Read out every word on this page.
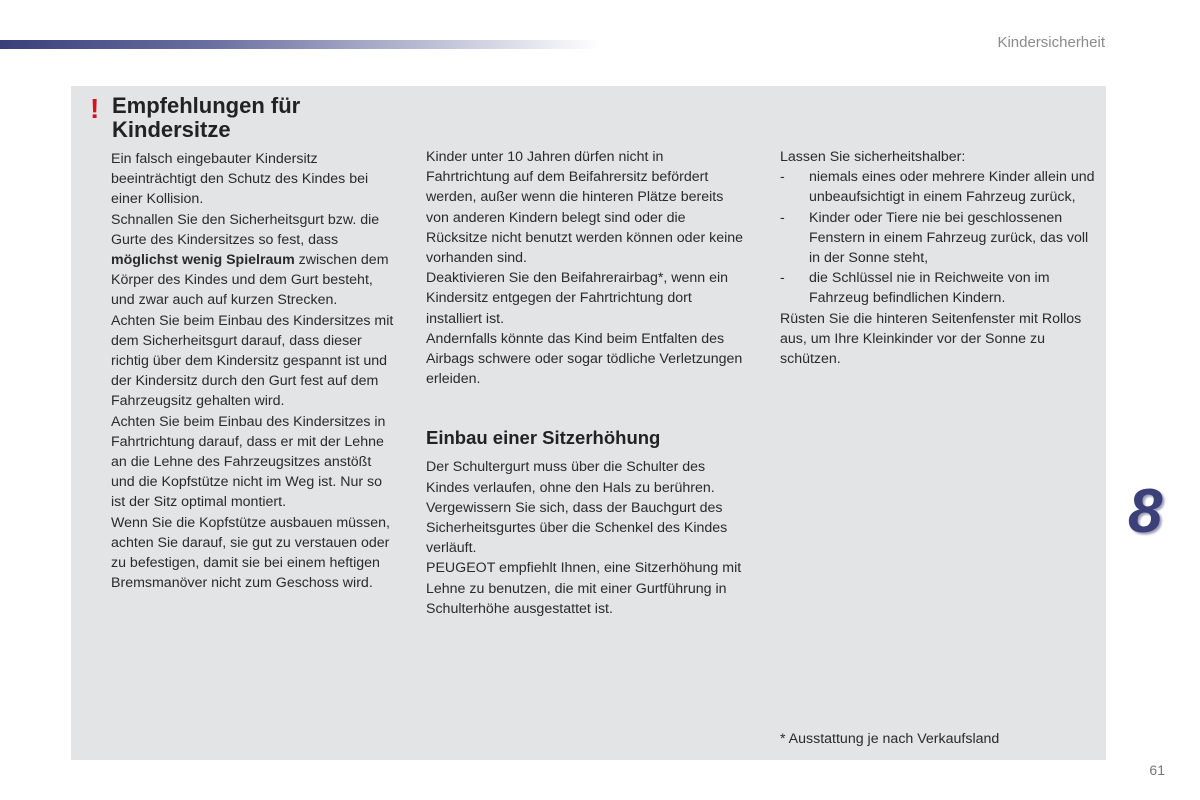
Kindersicherheit
! Empfehlungen für Kindersitze

Ein falsch eingebauter Kindersitz beeinträchtigt den Schutz des Kindes bei einer Kollision.

Schnallen Sie den Sicherheitsgurt bzw. die Gurte des Kindersitzes so fest, dass möglichst wenig Spielraum zwischen dem Körper des Kindes und dem Gurt besteht, und zwar auch auf kurzen Strecken.

Achten Sie beim Einbau des Kindersitzes mit dem Sicherheitsgurt darauf, dass dieser richtig über dem Kindersitz gespannt ist und der Kindersitz durch den Gurt fest auf dem Fahrzeugsitz gehalten wird.

Achten Sie beim Einbau des Kindersitzes in Fahrtrichtung darauf, dass er mit der Lehne an die Lehne des Fahrzeugsitzes anstößt und die Kopfstütze nicht im Weg ist. Nur so ist der Sitz optimal montiert.

Wenn Sie die Kopfstütze ausbauen müssen, achten Sie darauf, sie gut zu verstauen oder zu befestigen, damit sie bei einem heftigen Bremsmanöver nicht zum Geschoss wird.

Kinder unter 10 Jahren dürfen nicht in Fahrtrichtung auf dem Beifahrersitz befördert werden, außer wenn die hinteren Plätze bereits von anderen Kindern belegt sind oder die Rücksitze nicht benutzt werden können oder keine vorhanden sind.

Deaktivieren Sie den Beifahrerairbag*, wenn ein Kindersitz entgegen der Fahrtrichtung dort installiert ist.

Andernfalls könnte das Kind beim Entfalten des Airbags schwere oder sogar tödliche Verletzungen erleiden.

Einbau einer Sitzerhöhung

Der Schultergurt muss über die Schulter des Kindes verlaufen, ohne den Hals zu berühren. Vergewissern Sie sich, dass der Bauchgurt des Sicherheitsgurtes über die Schenkel des Kindes verläuft.

PEUGEOT empfiehlt Ihnen, eine Sitzerhöhung mit Lehne zu benutzen, die mit einer Gurtführung in Schulterhöhe ausgestattet ist.

Lassen Sie sicherheitshalber:

- niemals eines oder mehrere Kinder allein und unbeaufsichtigt in einem Fahrzeug zurück,
- Kinder oder Tiere nie bei geschlossenen Fenstern in einem Fahrzeug zurück, das voll in der Sonne steht,
- die Schlüssel nie in Reichweite von im Fahrzeug befindlichen Kindern.

Rüsten Sie die hinteren Seitenfenster mit Rollos aus, um Ihre Kleinkinder vor der Sonne zu schützen.

* Ausstattung je nach Verkaufsland
8
61
